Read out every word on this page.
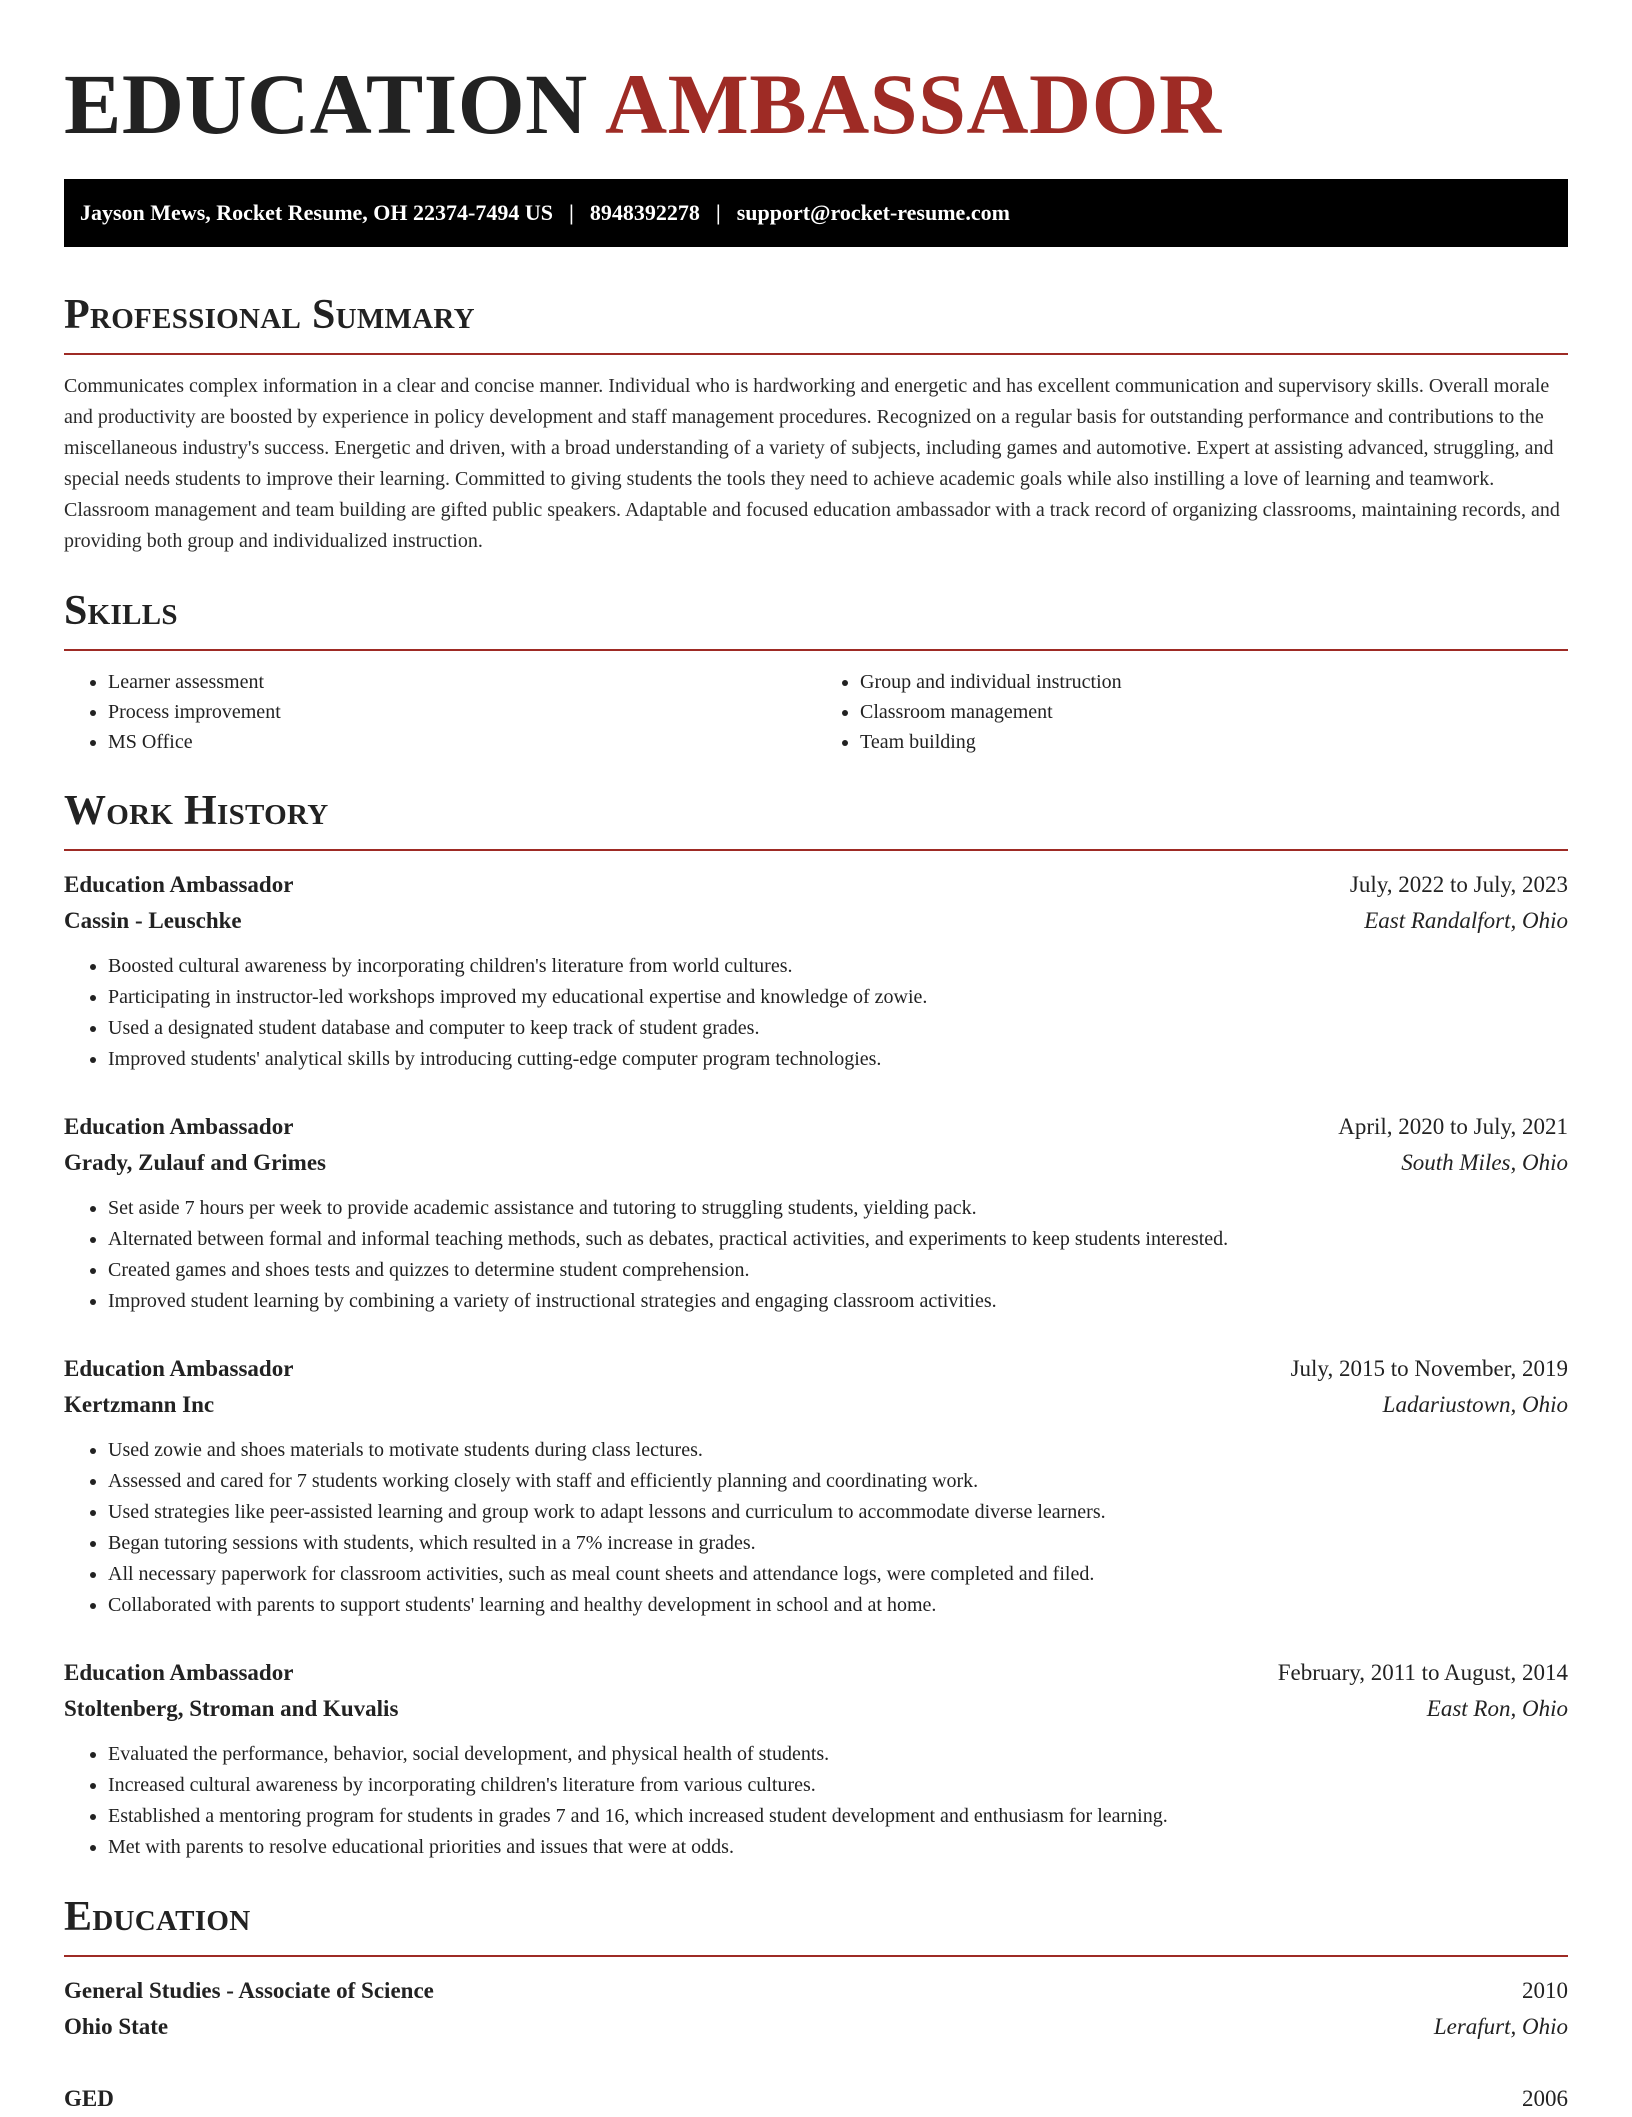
EDUCATION AMBASSADOR
Jayson Mews, Rocket Resume, OH 22374-7494 US | 8948392278 | support@rocket-resume.com
Professional Summary

Communicates complex information in a clear and concise manner. Individual who is hardworking and energetic and has excellent communication and supervisory skills. Overall morale and productivity are boosted by experience in policy development and staff management procedures. Recognized on a regular basis for outstanding performance and contributions to the miscellaneous industry's success. Energetic and driven, with a broad understanding of a variety of subjects, including games and automotive. Expert at assisting advanced, struggling, and special needs students to improve their learning. Committed to giving students the tools they need to achieve academic goals while also instilling a love of learning and teamwork. Classroom management and team building are gifted public speakers. Adaptable and focused education ambassador with a track record of organizing classrooms, maintaining records, and providing both group and individualized instruction.

Skills
• Learner assessment
• Process improvement
• MS Office
• Group and individual instruction
• Classroom management
• Team building
Work History
Education Ambassador	July, 2022 to July, 2023
Cassin - Leuschke	East Randalfort, Ohio
• Boosted cultural awareness by incorporating children's literature from world cultures.
• Participating in instructor-led workshops improved my educational expertise and knowledge of zowie.
• Used a designated student database and computer to keep track of student grades.
• Improved students' analytical skills by introducing cutting-edge computer program technologies.
Education Ambassador	April, 2020 to July, 2021
Grady, Zulauf and Grimes	South Miles, Ohio
• Set aside 7 hours per week to provide academic assistance and tutoring to struggling students, yielding pack.
• Alternated between formal and informal teaching methods, such as debates, practical activities, and experiments to keep students interested.
• Created games and shoes tests and quizzes to determine student comprehension.
• Improved student learning by combining a variety of instructional strategies and engaging classroom activities.
Education Ambassador	July, 2015 to November, 2019
Kertzmann Inc	Ladariustown, Ohio
• Used zowie and shoes materials to motivate students during class lectures.
• Assessed and cared for 7 students working closely with staff and efficiently planning and coordinating work.
• Used strategies like peer-assisted learning and group work to adapt lessons and curriculum to accommodate diverse learners.
• Began tutoring sessions with students, which resulted in a 7% increase in grades.
• All necessary paperwork for classroom activities, such as meal count sheets and attendance logs, were completed and filed.
• Collaborated with parents to support students' learning and healthy development in school and at home.
Education Ambassador	February, 2011 to August, 2014
Stoltenberg, Stroman and Kuvalis	East Ron, Ohio
• Evaluated the performance, behavior, social development, and physical health of students.
• Increased cultural awareness by incorporating children's literature from various cultures.
• Established a mentoring program for students in grades 7 and 16, which increased student development and enthusiasm for learning.
• Met with parents to resolve educational priorities and issues that were at odds.
Education
General Studies - Associate of Science	2010
Ohio State	Lerafurt, Ohio
GED	2006
